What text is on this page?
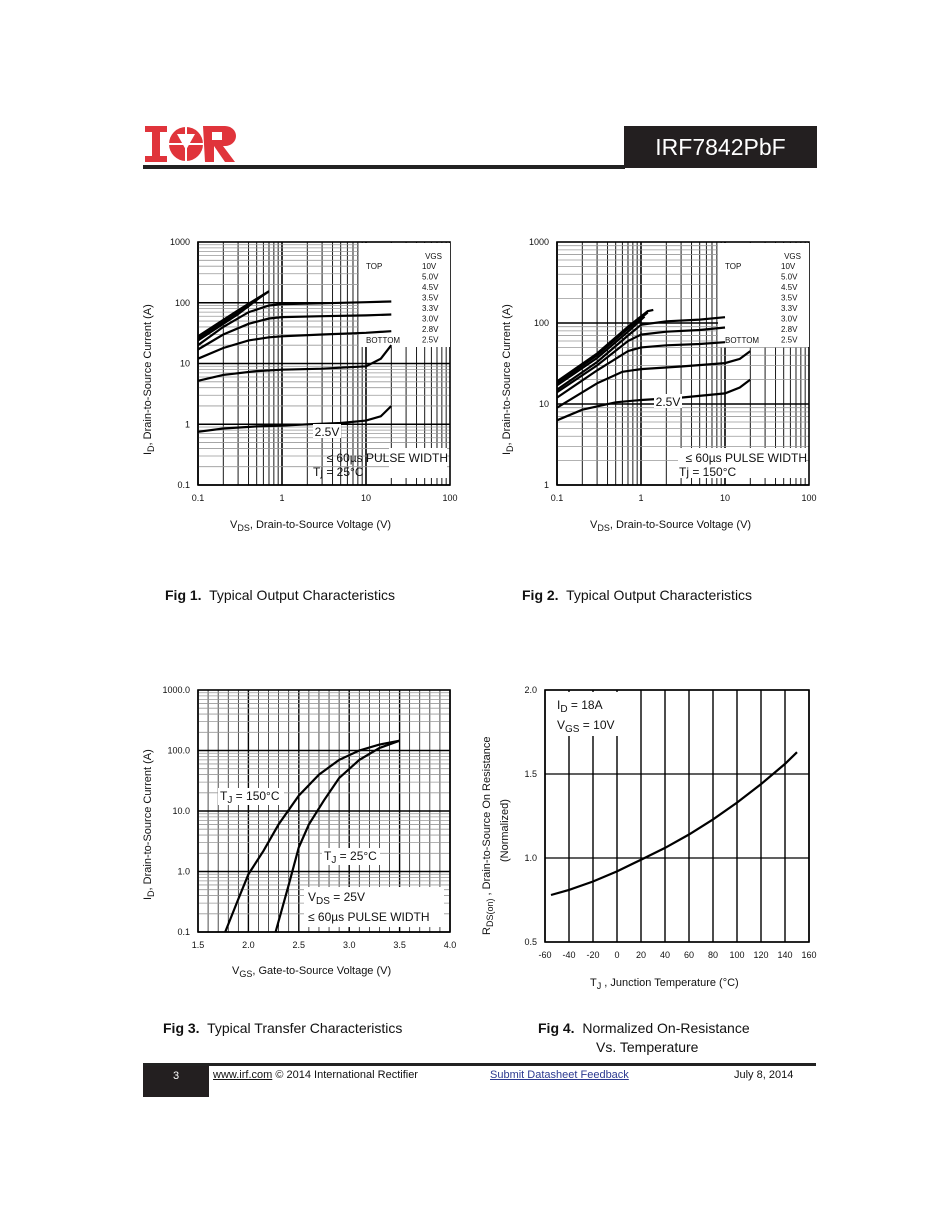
IRF7842PbF
0.1	1	10	100
0.1
1
10
100
1000
VGS
TOP
BOTTOM
10V
5.0V
4.5V
3.5V
3.3V
3.0V
2.8V
2.5V
2.5V
≤ 60µs PULSE WIDTH
Tj = 25°C
$I_D$, Drain-to-Source Current (A)
$V_{DS}$, Drain-to-Source Voltage (V)
Fig 1. Typical Output Characteristics
0.1	1	10	100
1
10
100
1000
VGS
TOP
BOTTOM
10V
5.0V
4.5V
3.5V
3.3V
3.0V
2.8V
2.5V
2.5V
≤ 60µs PULSE WIDTH
Tj = 150°C
$I_D$, Drain-to-Source Current (A)
$V_{DS}$, Drain-to-Source Voltage (V)
Fig 2. Typical Output Characteristics
1.5	2.0	2.5	3.0	3.5	4.0
0.1
1.0
10.0
100.0
1000.0
$T_J = 150^\circ C$
$T_J = 25^\circ C$
$V_{DS} = 25V$
≤ 60µs PULSE WIDTH
$I_D$, Drain-to-Source Current (A)
$V_{GS}$, Gate-to-Source Voltage (V)
Fig 3. Typical Transfer Characteristics
-60 -40 -20 0 20 40 60 80 100 120 140 160
0.5
1.0
1.5
2.0
$I_D = 18A$
$V_{GS} = 10V$
$R_{DS(on)}$ , Drain-to-Source On Resistance (Normalized)
$T_J$ , Junction Temperature (°C)
Fig 4. Normalized On-Resistance
Vs. Temperature
3	www.irf.com © 2014 International Rectifier	Submit Datasheet Feedback	July 8, 2014
